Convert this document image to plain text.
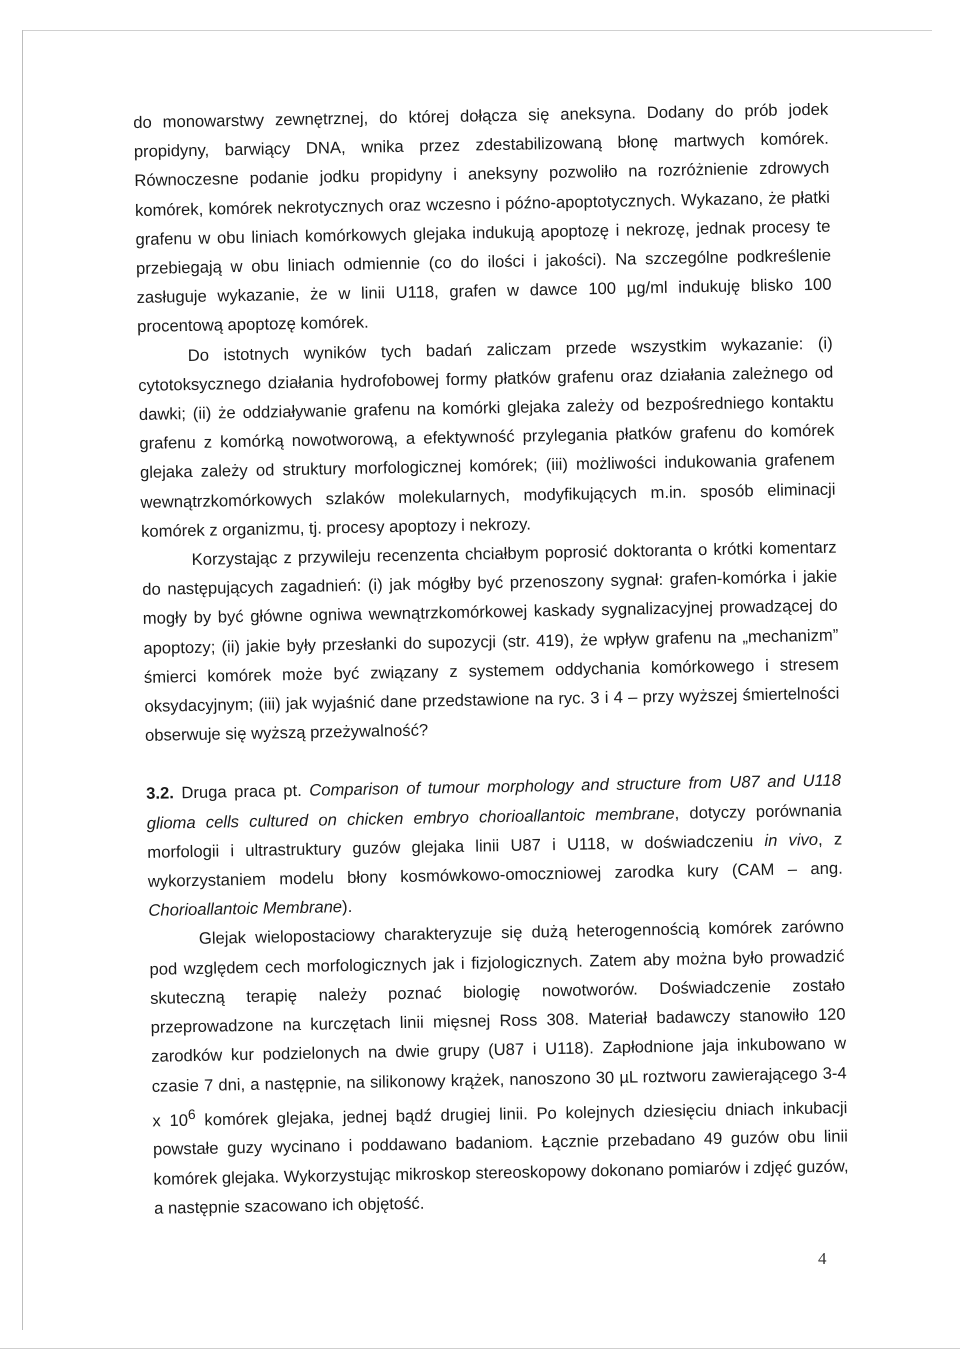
do monowarstwy zewnętrznej, do której dołącza się aneksyna. Dodany do prób jodek propidyny, barwiący DNA, wnika przez zdestabilizowaną błonę martwych komórek. Równoczesne podanie jodku propidyny i aneksyny pozwoliło na rozróżnienie zdrowych komórek, komórek nekrotycznych oraz wczesno i późno-apoptotycznych. Wykazano, że płatki grafenu w obu liniach komórkowych glejaka indukują apoptozę i nekrozę, jednak procesy te przebiegają w obu liniach odmiennie (co do ilości i jakości). Na szczególne podkreślenie zasługuje wykazanie, że w linii U118, grafen w dawce 100 µg/ml indukuję blisko 100 procentową apoptozę komórek.

Do istotnych wyników tych badań zaliczam przede wszystkim wykazanie: (i) cytotoksycznego działania hydrofobowej formy płatków grafenu oraz działania zależnego od dawki; (ii) że oddziaływanie grafenu na komórki glejaka zależy od bezpośredniego kontaktu grafenu z komórką nowotworową, a efektywność przylegania płatków grafenu do komórek glejaka zależy od struktury morfologicznej komórek; (iii) możliwości indukowania grafenem wewnątrzkomórkowych szlaków molekularnych, modyfikujących m.in. sposób eliminacji komórek z organizmu, tj. procesy apoptozy i nekrozy.

Korzystając z przywileju recenzenta chciałbym poprosić doktoranta o krótki komentarz do następujących zagadnień: (i) jak mógłby być przenoszony sygnał: grafen-komórka i jakie mogły by być główne ogniwa wewnątrzkomórkowej kaskady sygnalizacyjnej prowadzącej do apoptozy; (ii) jakie były przesłanki do supozycji (str. 419), że wpływ grafenu na „mechanizm” śmierci komórek może być związany z systemem oddychania komórkowego i stresem oksydacyjnym; (iii) jak wyjaśnić dane przedstawione na ryc. 3 i 4 – przy wyższej śmiertelności obserwuje się wyższą przeżywalność?

3.2. Druga praca pt. Comparison of tumour morphology and structure from U87 and U118 glioma cells cultured on chicken embryo chorioallantoic membrane, dotyczy porównania morfologii i ultrastruktury guzów glejaka linii U87 i U118, w doświadczeniu in vivo, z wykorzystaniem modelu błony kosmówkowo-omoczniowej zarodka kury (CAM – ang. Chorioallantoic Membrane).

Glejak wielopostaciowy charakteryzuje się dużą heterogennością komórek zarówno pod względem cech morfologicznych jak i fizjologicznych. Zatem aby można było prowadzić skuteczną terapię należy poznać biologię nowotworów. Doświadczenie zostało przeprowadzone na kurczętach linii mięsnej Ross 308. Materiał badawczy stanowiło 120 zarodków kur podzielonych na dwie grupy (U87 i U118). Zapłodnione jaja inkubowano w czasie 7 dni, a następnie, na silikonowy krążek, nanoszono 30 µL roztworu zawierającego 3-4 x $10^6$ komórek glejaka, jednej bądź drugiej linii. Po kolejnych dziesięciu dniach inkubacji powstałe guzy wycinano i poddawano badaniom. Łącznie przebadano 49 guzów obu linii komórek glejaka. Wykorzystując mikroskop stereoskopowy dokonano pomiarów i zdjęć guzów, a następnie szacowano ich objętość.

4
